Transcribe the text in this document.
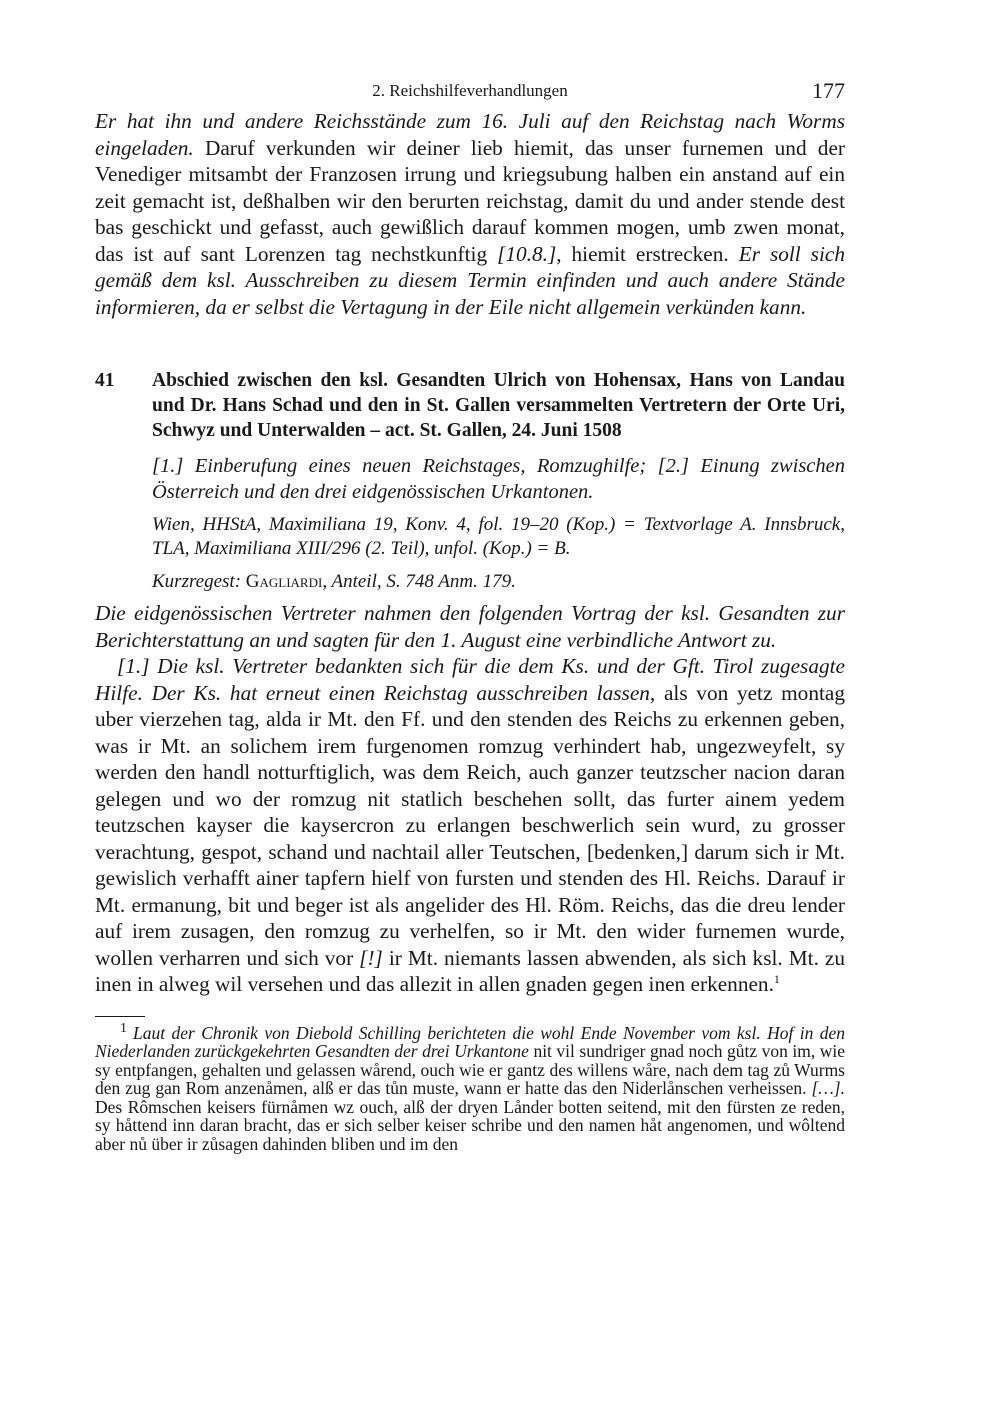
2. Reichshilfeverhandlungen	177

Er hat ihn und andere Reichsstände zum 16. Juli auf den Reichstag nach Worms eingeladen. Daruf verkunden wir deiner lieb hiemit, das unser furnemen und der Venediger mitsambt der Franzosen irrung und kriegsubung halben ein anstand auf ein zeit gemacht ist, deßhalben wir den berurten reichstag, damit du und ander stende dest bas geschickt und gefasst, auch gewißlich darauf kommen mogen, umb zwen monat, das ist auf sant Lorenzen tag nechstkunftig [10.8.], hiemit erstrecken. Er soll sich gemäß dem ksl. Ausschreiben zu diesem Termin einfinden und auch andere Stände informieren, da er selbst die Vertagung in der Eile nicht allgemein verkünden kann.

41	Abschied zwischen den ksl. Gesandten Ulrich von Hohensax, Hans von Landau und Dr. Hans Schad und den in St. Gallen versammelten Vertretern der Orte Uri, Schwyz und Unterwalden – act. St. Gallen, 24. Juni 1508

[1.] Einberufung eines neuen Reichstages, Romzughilfe; [2.] Einung zwischen Österreich und den drei eidgenössischen Urkantonen.

Wien, HHStA, Maximiliana 19, Konv. 4, fol. 19–20 (Kop.) = Textvorlage A. Innsbruck, TLA, Maximiliana XIII/296 (2. Teil), unfol. (Kop.) = B.

Kurzregest: Gagliardi, Anteil, S. 748 Anm. 179.

Die eidgenössischen Vertreter nahmen den folgenden Vortrag der ksl. Gesandten zur Berichterstattung an und sagten für den 1. August eine verbindliche Antwort zu.

[1.] Die ksl. Vertreter bedankten sich für die dem Ks. und der Gft. Tirol zugesagte Hilfe. Der Ks. hat erneut einen Reichstag ausschreiben lassen, als von yetz montag uber vierzehen tag, alda ir Mt. den Ff. und den stenden des Reichs zu erkennen geben, was ir Mt. an solichem irem furgenomen romzug verhindert hab, ungezweyfelt, sy werden den handl notturftiglich, was dem Reich, auch ganzer teutzscher nacion daran gelegen und wo der romzug nit statlich beschehen sollt, das furter ainem yedem teutzschen kayser die kaysercron zu erlangen beschwerlich sein wurd, zu grosser verachtung, gespot, schand und nachtail aller Teutschen, [bedenken,] darum sich ir Mt. gewislich verhafft ainer tapfern hielf von fursten und stenden des Hl. Reichs. Darauf ir Mt. ermanung, bit und beger ist als angelider des Hl. Röm. Reichs, das die dreu lender auf irem zusagen, den romzug zu verhelfen, so ir Mt. den wider furnemen wurde, wollen verharren und sich vor [!] ir Mt. niemants lassen abwenden, als sich ksl. Mt. zu inen in alweg wil versehen und das allezit in allen gnaden gegen inen erkennen.$^1$

$^1$ Laut der Chronik von Diebold Schilling berichteten die wohl Ende November vom ksl. Hof in den Niederlanden zurückgekehrten Gesandten der drei Urkantone nit vil sundriger gnad noch gůtz von im, wie sy entpfangen, gehalten und gelassen wårend, ouch wie er gantz des willens wåre, nach dem tag zů Wurms den zug gan Rom anzenåmen, alß er das tůn muste, wann er hatte das den Niderlånschen verheissen. […]. Des Rômschen keisers fürnåmen wz ouch, alß der dryen Lånder botten seitend, mit den fürsten ze reden, sy håttend inn daran bracht, das er sich selber keiser schribe und den namen håt angenomen, und wôltend aber nů über ir zůsagen dahinden bliben und im den
